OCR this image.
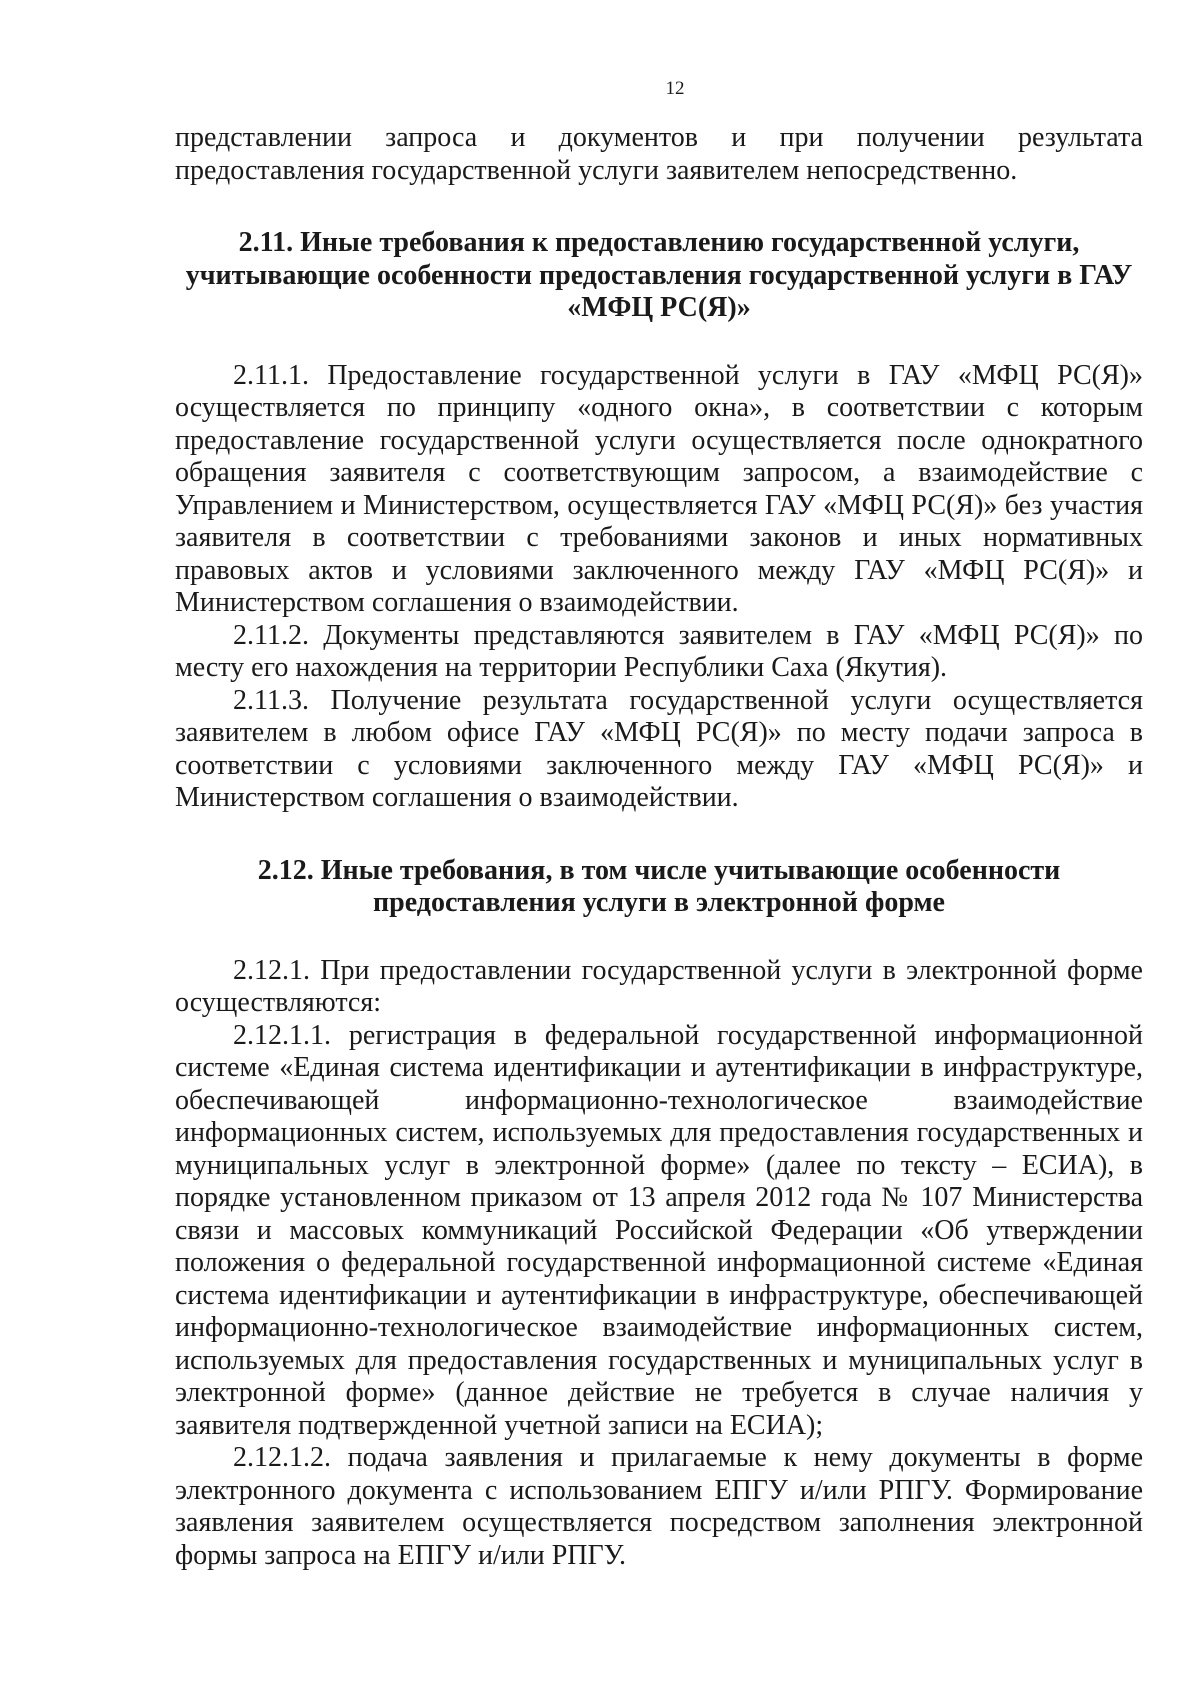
12

представлении запроса и документов и при получении результата предоставления государственной услуги заявителем непосредственно.

2.11. Иные требования к предоставлению государственной услуги, учитывающие особенности предоставления государственной услуги в ГАУ «МФЦ РС(Я)»

2.11.1. Предоставление государственной услуги в ГАУ «МФЦ РС(Я)» осуществляется по принципу «одного окна», в соответствии с которым предоставление государственной услуги осуществляется после однократного обращения заявителя с соответствующим запросом, а взаимодействие с Управлением и Министерством, осуществляется ГАУ «МФЦ РС(Я)» без участия заявителя в соответствии с требованиями законов и иных нормативных правовых актов и условиями заключенного между ГАУ «МФЦ РС(Я)» и Министерством соглашения о взаимодействии.

2.11.2. Документы представляются заявителем в ГАУ «МФЦ РС(Я)» по месту его нахождения на территории Республики Саха (Якутия).

2.11.3. Получение результата государственной услуги осуществляется заявителем в любом офисе ГАУ «МФЦ РС(Я)» по месту подачи запроса в соответствии с условиями заключенного между ГАУ «МФЦ РС(Я)» и Министерством соглашения о взаимодействии.

2.12. Иные требования, в том числе учитывающие особенности предоставления услуги в электронной форме

2.12.1. При предоставлении государственной услуги в электронной форме осуществляются:

2.12.1.1. регистрация в федеральной государственной информационной системе «Единая система идентификации и аутентификации в инфраструктуре, обеспечивающей информационно-технологическое взаимодействие информационных систем, используемых для предоставления государственных и муниципальных услуг в электронной форме» (далее по тексту – ЕСИА), в порядке установленном приказом от 13 апреля 2012 года № 107 Министерства связи и массовых коммуникаций Российской Федерации «Об утверждении положения о федеральной государственной информационной системе «Единая система идентификации и аутентификации в инфраструктуре, обеспечивающей информационно-технологическое взаимодействие информационных систем, используемых для предоставления государственных и муниципальных услуг в электронной форме» (данное действие не требуется в случае наличия у заявителя подтвержденной учетной записи на ЕСИА);

2.12.1.2. подача заявления и прилагаемые к нему документы в форме электронного документа с использованием ЕПГУ и/или РПГУ. Формирование заявления заявителем осуществляется посредством заполнения электронной формы запроса на ЕПГУ и/или РПГУ.
